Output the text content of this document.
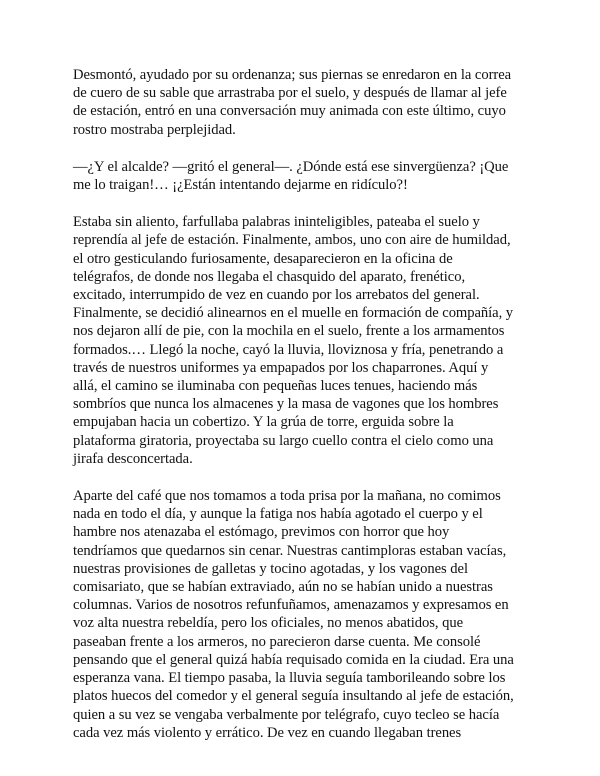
Desmontó, ayudado por su ordenanza; sus piernas se enredaron en la correa
de cuero de su sable que arrastraba por el suelo, y después de llamar al jefe
de estación, entró en una conversación muy animada con este último, cuyo
rostro mostraba perplejidad.

—¿Y el alcalde? —gritó el general—. ¿Dónde está ese sinvergüenza? ¡Que
me lo traigan!… ¡¿Están intentando dejarme en ridículo?!

Estaba sin aliento, farfullaba palabras ininteligibles, pateaba el suelo y
reprendía al jefe de estación. Finalmente, ambos, uno con aire de humildad,
el otro gesticulando furiosamente, desaparecieron en la oficina de
telégrafos, de donde nos llegaba el chasquido del aparato, frenético,
excitado, interrumpido de vez en cuando por los arrebatos del general.
Finalmente, se decidió alinearnos en el muelle en formación de compañía, y
nos dejaron allí de pie, con la mochila en el suelo, frente a los armamentos
formados.… Llegó la noche, cayó la lluvia, lloviznosa y fría, penetrando a
través de nuestros uniformes ya empapados por los chaparrones. Aquí y
allá, el camino se iluminaba con pequeñas luces tenues, haciendo más
sombríos que nunca los almacenes y la masa de vagones que los hombres
empujaban hacia un cobertizo. Y la grúa de torre, erguida sobre la
plataforma giratoria, proyectaba su largo cuello contra el cielo como una
jirafa desconcertada.

Aparte del café que nos tomamos a toda prisa por la mañana, no comimos
nada en todo el día, y aunque la fatiga nos había agotado el cuerpo y el
hambre nos atenazaba el estómago, previmos con horror que hoy
tendríamos que quedarnos sin cenar. Nuestras cantimploras estaban vacías,
nuestras provisiones de galletas y tocino agotadas, y los vagones del
comisariato, que se habían extraviado, aún no se habían unido a nuestras
columnas. Varios de nosotros refunfuñamos, amenazamos y expresamos en
voz alta nuestra rebeldía, pero los oficiales, no menos abatidos, que
paseaban frente a los armeros, no parecieron darse cuenta. Me consolé
pensando que el general quizá había requisado comida en la ciudad. Era una
esperanza vana. El tiempo pasaba, la lluvia seguía tamborileando sobre los
platos huecos del comedor y el general seguía insultando al jefe de estación,
quien a su vez se vengaba verbalmente por telégrafo, cuyo tecleo se hacía
cada vez más violento y errático. De vez en cuando llegaban trenes
